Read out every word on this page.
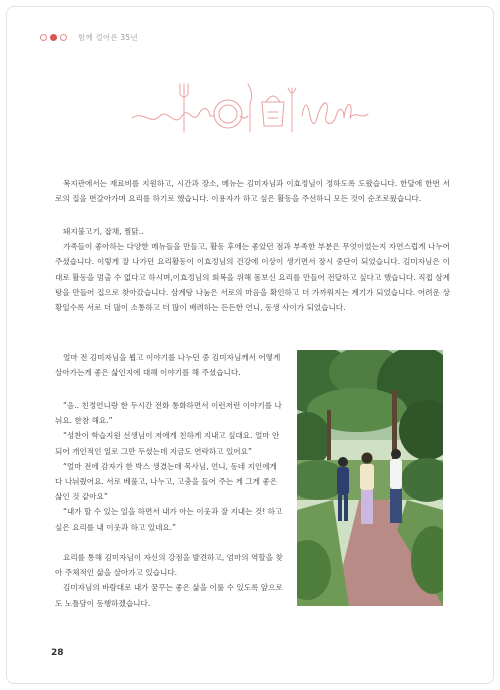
함께 걸어온 35년

복지관에서는 재료비를 지원하고, 시간과 장소, 메뉴는 김미자님과 이효정님이 정하도록 도왔습니다. 한달에 한번 서로의 집을 번갈아가며 요리를 하기로 했습니다. 이용자가 하고 싶은 활동을 주선하니 모든 것이 순조로웠습니다.

돼지불고기, 잡채, 찜닭..

가족들이 좋아하는 다양한 메뉴들을 만들고, 활동 후에는 좋았던 점과 부족한 부분은 무엇이었는지 자연스럽게 나누어주셨습니다. 이렇게 잘 나가던 요리활동이 이효정님의 건강에 이상이 생기면서 잠시 중단이 되었습니다. 김미자님은 이대로 활동을 멈출 수 없다고 하시며,이효정님의 회복을 위해 몸보신 요리를 만들어 전달하고 싶다고 했습니다. 직접 삼계탕을 만들어 집으로 찾아갔습니다. 삼계탕 나눔은 서로의 마음을 확인하고 더 가까워지는 계기가 되었습니다. 어려운 상황일수록 서로 더 많이 소통하고 더 많이 배려하는 든든한 언니, 동생 사이가 되었습니다.

얼마 전 김미자님을 뵙고 이야기를 나누던 중 김미자님께서 어떻게 살아가는게 좋은 삶인지에 대해 이야기를 해 주셨습니다.

“음.. 친정언니랑 한 두시간 전화 통화하면서 이런저런 이야기를 나눠요. 한참 해요.”

“성찬이 학습지원 선생님이 저에게 친하게 지내고 싶대요. 얼마 안 되어 개인적인 일로 그만 두셨는데 지금도 연락하고 있어요”

“얼마 전에 감자가 한 박스 생겼는데 목사님, 언니, 동네 지인에게 다 나눠줬어요. 서로 베풀고, 나누고, 고충을 들어 주는 게 그게 좋은 삶인 것 같아요”

“내가 할 수 있는 일을 하면서 내가 아는 이웃과 잘 지내는 것! 하고 싶은 요리를 내 이웃과 하고 있네요.”

요리를 통해 김미자님이 자신의 강점을 발견하고, 엄마의 역할을 찾아 주체적인 삶을 살아가고 있습니다.

김미자님의 바람대로 내가 꿈꾸는 좋은 삶을 이룰 수 있도록 앞으로도 노틀담이 동행하겠습니다.

28
